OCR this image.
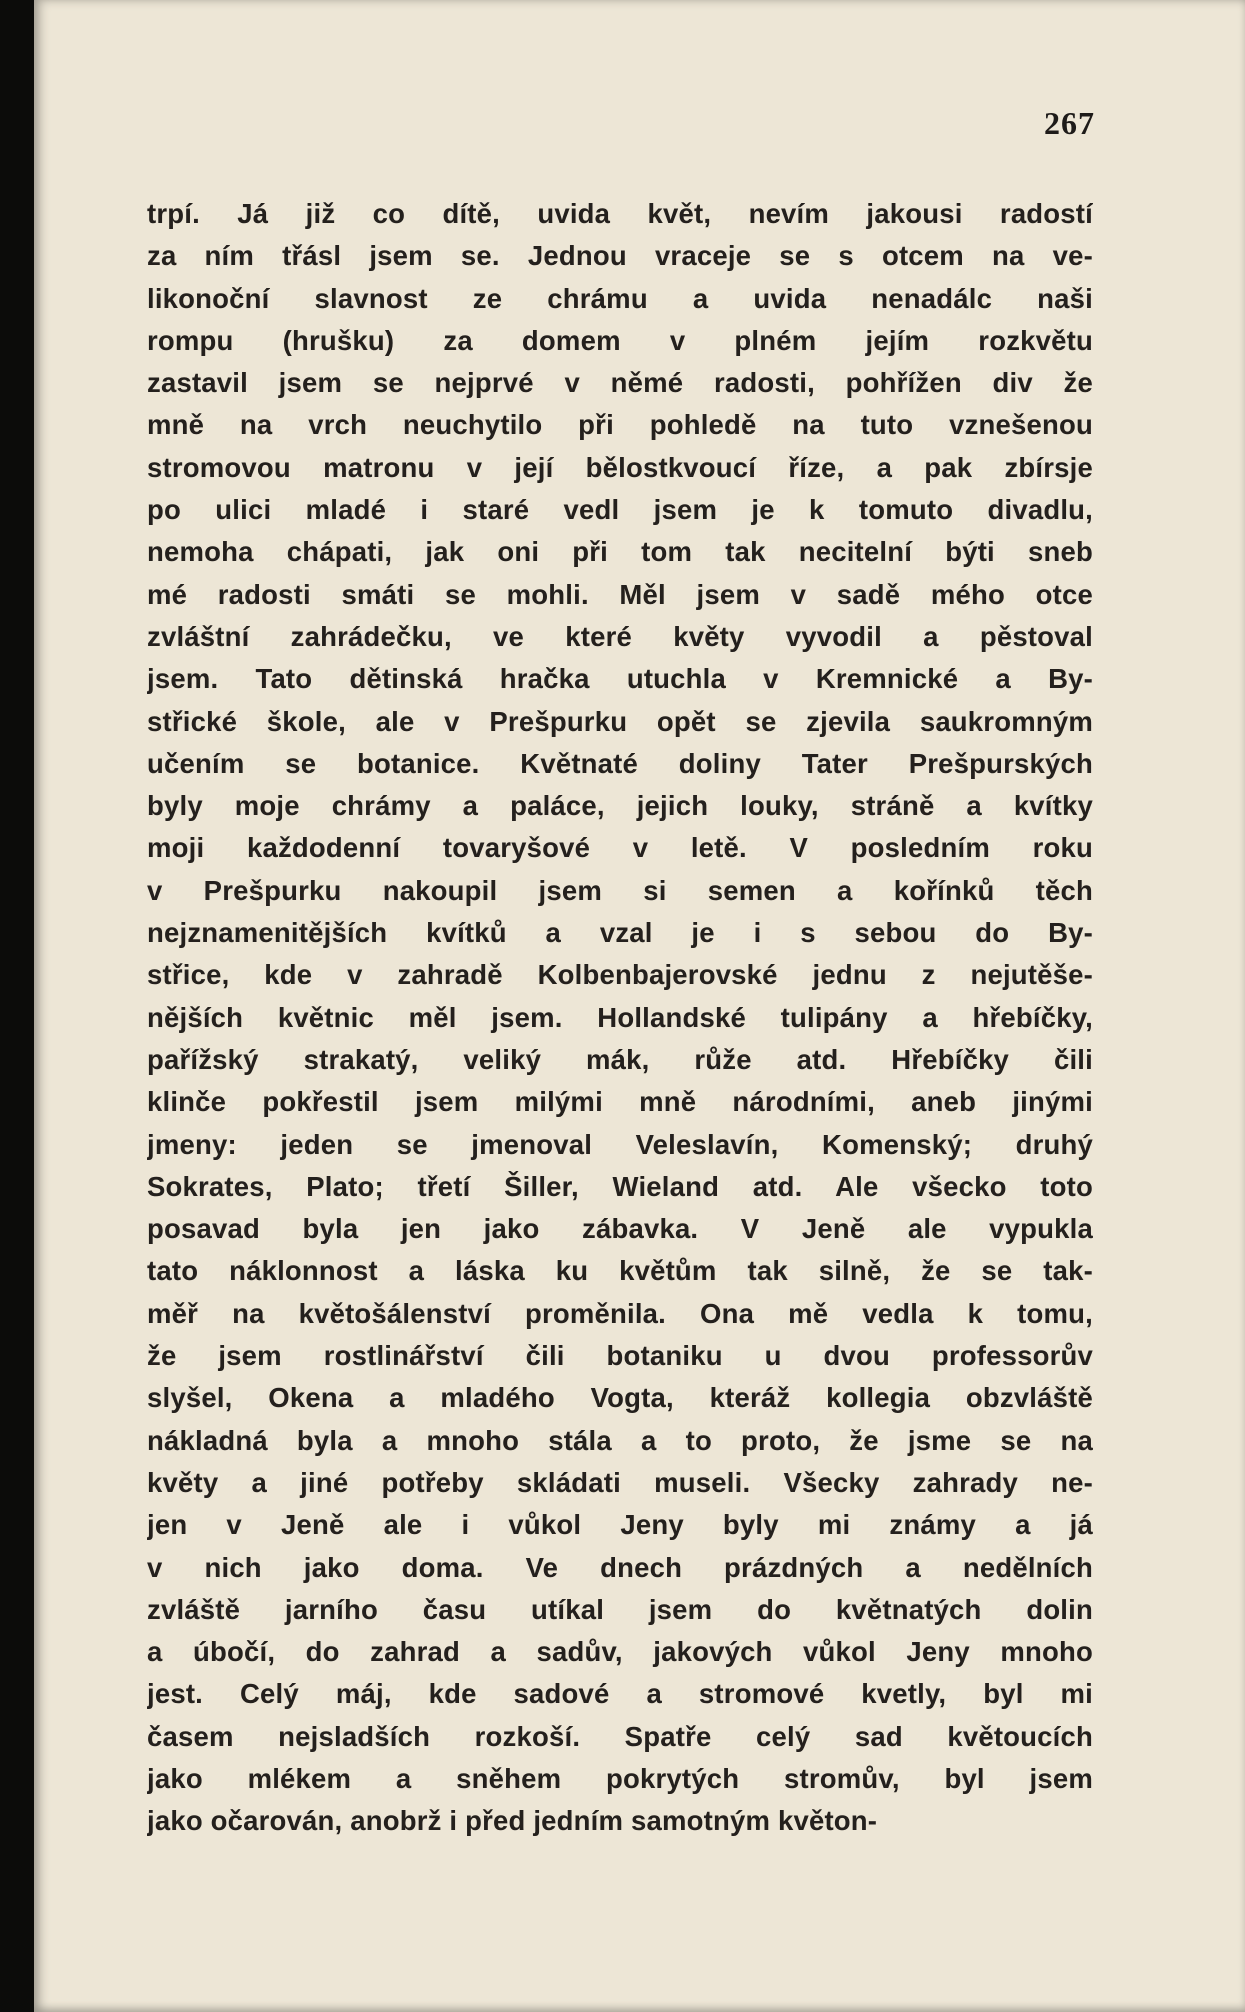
267
trpí. Já již co dítě, uvida květ, nevím jakousi radostí
za ním třásl jsem se. Jednou vraceje se s otcem na ve-
likonoční slavnost ze chrámu a uvida nenadálc naši
rompu (hrušku) za domem v plném jejím rozkvětu
zastavil jsem se nejprvé v němé radosti, pohřížen div že
mně na vrch neuchytilo při pohledě na tuto vznešenou
stromovou matronu v její bělostkvoucí říze, a pak zbírsje
po ulici mladé i staré vedl jsem je k tomuto divadlu,
nemoha chápati, jak oni při tom tak necitelní býti sneb
mé radosti smáti se mohli. Měl jsem v sadě mého otce
zvláštní zahrádečku, ve které květy vyvodil a pěstoval
jsem. Tato dětinská hračka utuchla v Kremnické a By-
střické škole, ale v Prešpurku opět se zjevila saukromným
učením se botanice. Květnaté doliny Tater Prešpurských
byly moje chrámy a paláce, jejich louky, stráně a kvítky
moji každodenní tovaryšové v letě. V posledním roku
v Prešpurku nakoupil jsem si semen a kořínků těch
nejznamenitějších kvítků a vzal je i s sebou do By-
střice, kde v zahradě Kolbenbajerovské jednu z nejutěše-
nějších květnic měl jsem. Hollandské tulipány a hřebíčky,
pařížský strakatý, veliký mák, růže atd. Hřebíčky čili
klinče pokřestil jsem milými mně národními, aneb jinými
jmeny: jeden se jmenoval Veleslavín, Komenský; druhý
Sokrates, Plato; třetí Šiller, Wieland atd. Ale všecko toto
posavad byla jen jako zábavka. V Jeně ale vypukla
tato náklonnost a láska ku květům tak silně, že se tak-
měř na květošálenství proměnila. Ona mě vedla k tomu,
že jsem rostlinářství čili botaniku u dvou professorův
slyšel, Okena a mladého Vogta, kteráž kollegia obzvláště
nákladná byla a mnoho stála a to proto, že jsme se na
květy a jiné potřeby skládati museli. Všecky zahrady ne-
jen v Jeně ale i vůkol Jeny byly mi známy a já
v nich jako doma. Ve dnech prázdných a nedělních
zvláště jarního času utíkal jsem do květnatých dolin
a úbočí, do zahrad a sadův, jakových vůkol Jeny mnoho
jest. Celý máj, kde sadové a stromové kvetly, byl mi
časem nejsladších rozkoší. Spatře celý sad květoucích
jako mlékem a sněhem pokrytých stromův, byl jsem
jako očarován, anobrž i před jedním samotným květon-
